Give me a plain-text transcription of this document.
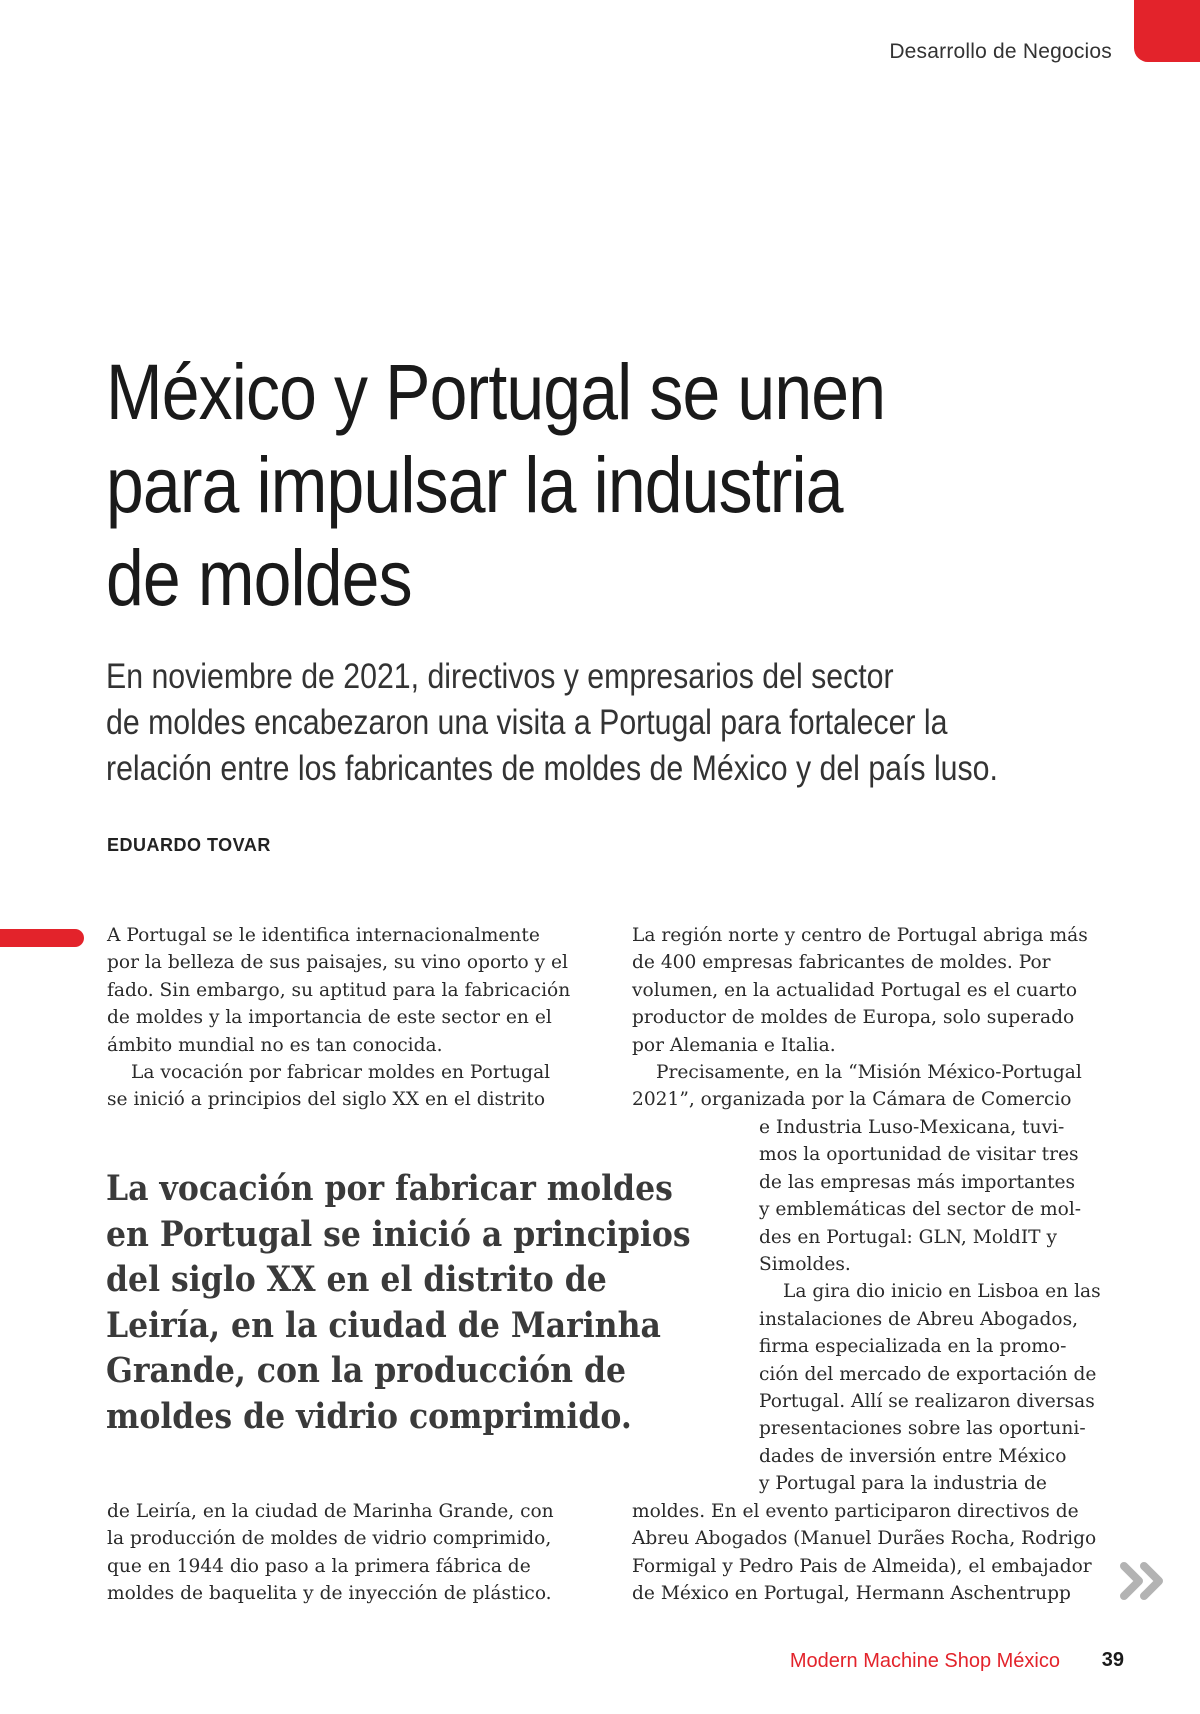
Desarrollo de Negocios
México y Portugal se unen
para impulsar la industria
de moldes

En noviembre de 2021, directivos y empresarios del sector
de moldes encabezaron una visita a Portugal para fortalecer la
relación entre los fabricantes de moldes de México y del país luso.

EDUARDO TOVAR
A Portugal se le identifica internacionalmente
por la belleza de sus paisajes, su vino oporto y el
fado. Sin embargo, su aptitud para la fabricación
de moldes y la importancia de este sector en el
ámbito mundial no es tan conocida.
La vocación por fabricar moldes en Portugal
se inició a principios del siglo XX en el distrito

La vocación por fabricar moldes
en Portugal se inició a principios
del siglo XX en el distrito de
Leiría, en la ciudad de Marinha
Grande, con la producción de
moldes de vidrio comprimido.

de Leiría, en la ciudad de Marinha Grande, con
la producción de moldes de vidrio comprimido,
que en 1944 dio paso a la primera fábrica de
moldes de baquelita y de inyección de plástico.
La región norte y centro de Portugal abriga más
de 400 empresas fabricantes de moldes. Por
volumen, en la actualidad Portugal es el cuarto
productor de moldes de Europa, solo superado
por Alemania e Italia.
Precisamente, en la “Misión México-Portugal
2021”, organizada por la Cámara de Comercio
e Industria Luso-Mexicana, tuvi-
mos la oportunidad de visitar tres
de las empresas más importantes
y emblemáticas del sector de mol-
des en Portugal: GLN, MoldIT y
Simoldes.
La gira dio inicio en Lisboa en las
instalaciones de Abreu Abogados,
firma especializada en la promo-
ción del mercado de exportación de
Portugal. Allí se realizaron diversas
presentaciones sobre las oportuni-
dades de inversión entre México
y Portugal para la industria de
moldes. En el evento participaron directivos de
Abreu Abogados (Manuel Durães Rocha, Rodrigo
Formigal y Pedro Pais de Almeida), el embajador
de México en Portugal, Hermann Aschentrupp
Modern Machine Shop México 39
